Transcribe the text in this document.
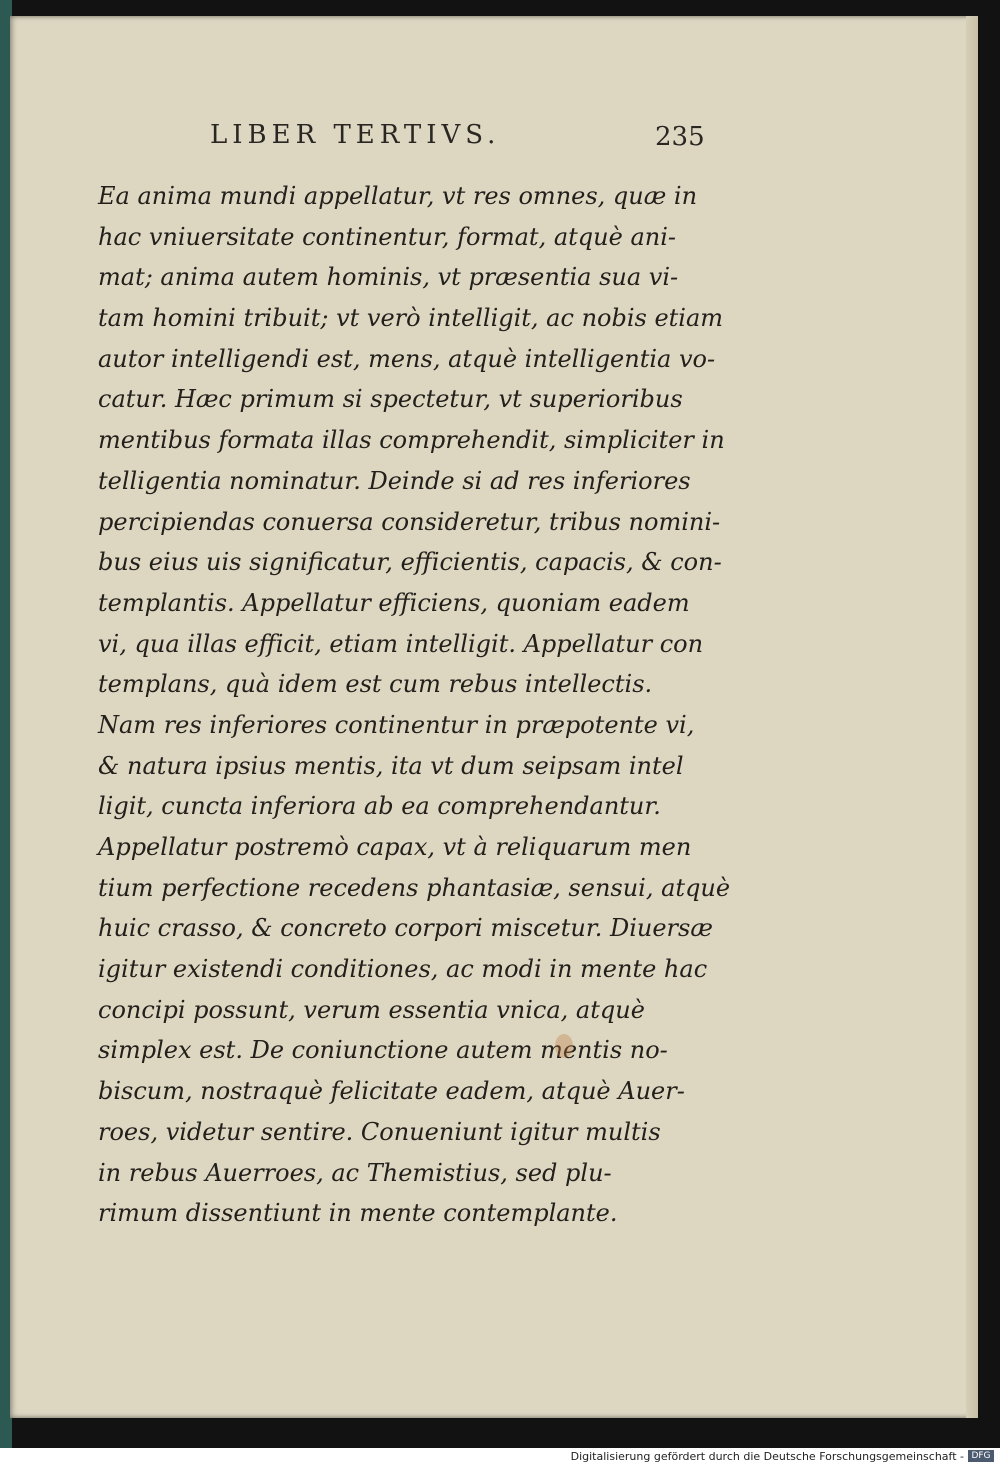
LIBER TERTIVS.	235
Ea anima mundi appellatur, vt res omnes, quæ in
hac vniuersitate continentur, format, atquè ani-
mat; anima autem hominis, vt præsentia sua vi-
tam homini tribuit; vt verò intelligit, ac nobis etiam
autor intelligendi est, mens, atquè intelligentia vo-
catur. Hæc primum si spectetur, vt superioribus
mentibus formata illas comprehendit, simpliciter in
telligentia nominatur. Deinde si ad res inferiores
percipiendas conuersa consideretur, tribus nomini-
bus eius uis significatur, efficientis, capacis, & con-
templantis. Appellatur efficiens, quoniam eadem
vi, qua illas efficit, etiam intelligit. Appellatur con
templans, quà idem est cum rebus intellectis.
Nam res inferiores continentur in præpotente vi,
& natura ipsius mentis, ita vt dum seipsam intel
ligit, cuncta inferiora ab ea comprehendantur.
Appellatur postremò capax, vt à reliquarum men
tium perfectione recedens phantasiæ, sensui, atquè
huic crasso, & concreto corpori miscetur. Diuersæ
igitur existendi conditiones, ac modi in mente hac
concipi possunt, verum essentia vnica, atquè
simplex est. De coniunctione autem mentis no-
biscum, nostraquè felicitate eadem, atquè Auer-
roes, videtur sentire. Conueniunt igitur multis
in rebus Auerroes, ac Themistius, sed plu-
rimum dissentiunt in mente contemplante.
Digitalisierung gefördert durch die Deutsche Forschungsgemeinschaft - DFG
